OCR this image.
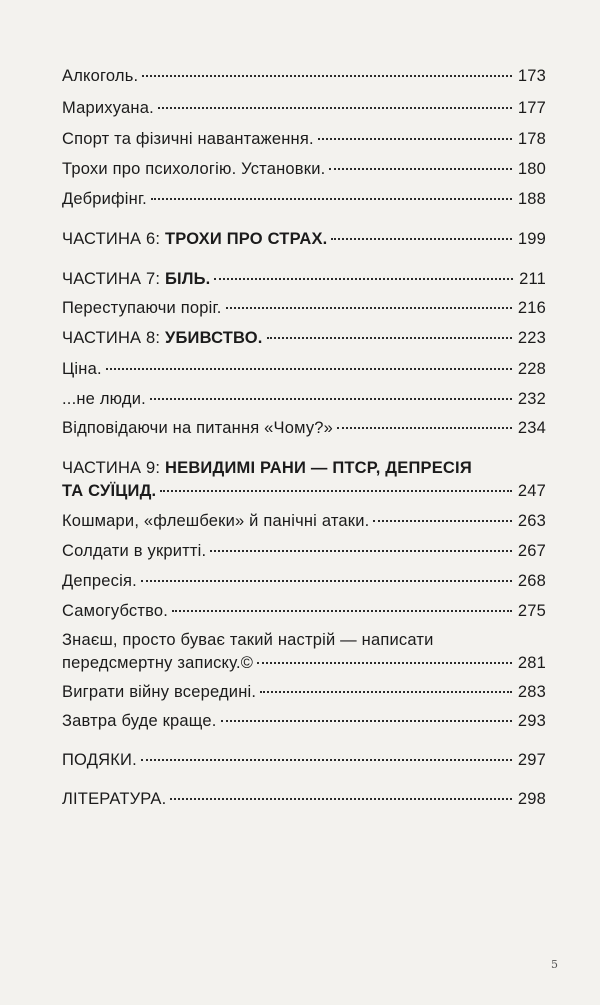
Алкоголь.	173
Марихуана.	177
Спорт та фізичні навантаження.	178
Трохи про психологію. Установки.	180
Дебрифінг.	188
ЧАСТИНА 6: ТРОХИ ПРО СТРАХ.	199
ЧАСТИНА 7: БІЛЬ.	211
Переступаючи поріг.	216
ЧАСТИНА 8: УБИВСТВО.	223
Ціна.	228
...не люди.	232
Відповідаючи на питання «Чому?»	234
ЧАСТИНА 9: НЕВИДИМІ РАНИ — ПТСР, ДЕПРЕСІЯ
ТА СУЇЦИД.	247
Кошмари, «флешбеки» й панічні атаки.	263
Солдати в укритті.	267
Депресія.	268
Самогубство.	275
Знаєш, просто буває такий настрій — написати
передсмертну записку.©	281
Виграти війну всередині.	283
Завтра буде краще.	293
ПОДЯКИ.	297
ЛІТЕРАТУРА.	298
5
